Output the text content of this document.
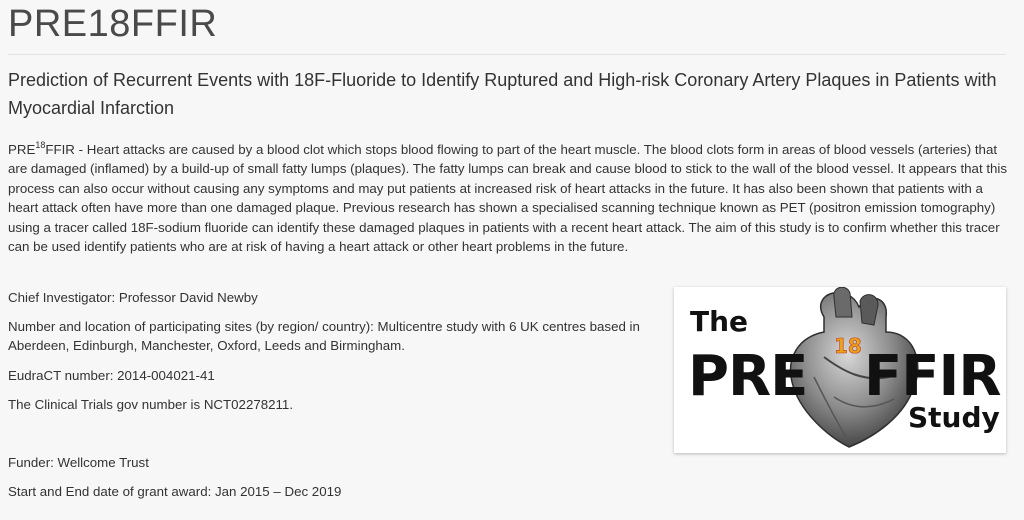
PRE18FFIR
Prediction of Recurrent Events with 18F-Fluoride to Identify Ruptured and High-risk Coronary Artery Plaques in Patients with Myocardial Infarction

PRE$^{18}$FFIR - Heart attacks are caused by a blood clot which stops blood flowing to part of the heart muscle. The blood clots form in areas of blood vessels (arteries) that are damaged (inflamed) by a build-up of small fatty lumps (plaques). The fatty lumps can break and cause blood to stick to the wall of the blood vessel. It appears that this process can also occur without causing any symptoms and may put patients at increased risk of heart attacks in the future. It has also been shown that patients with a heart attack often have more than one damaged plaque. Previous research has shown a specialised scanning technique known as PET (positron emission tomography) using a tracer called 18F-sodium fluoride can identify these damaged plaques in patients with a recent heart attack. The aim of this study is to confirm whether this tracer can be used identify patients who are at risk of having a heart attack or other heart problems in the future.

Chief Investigator: Professor David Newby

Number and location of participating sites (by region/ country): Multicentre study with 6 UK centres based in Aberdeen, Edinburgh, Manchester, Oxford, Leeds and Birmingham.

EudraCT number: 2014-004021-41

The Clinical Trials gov number is NCT02278211.

Funder: Wellcome Trust

Start and End date of grant award: Jan 2015 – Dec 2019

The
PRE FFIR
18
Study
